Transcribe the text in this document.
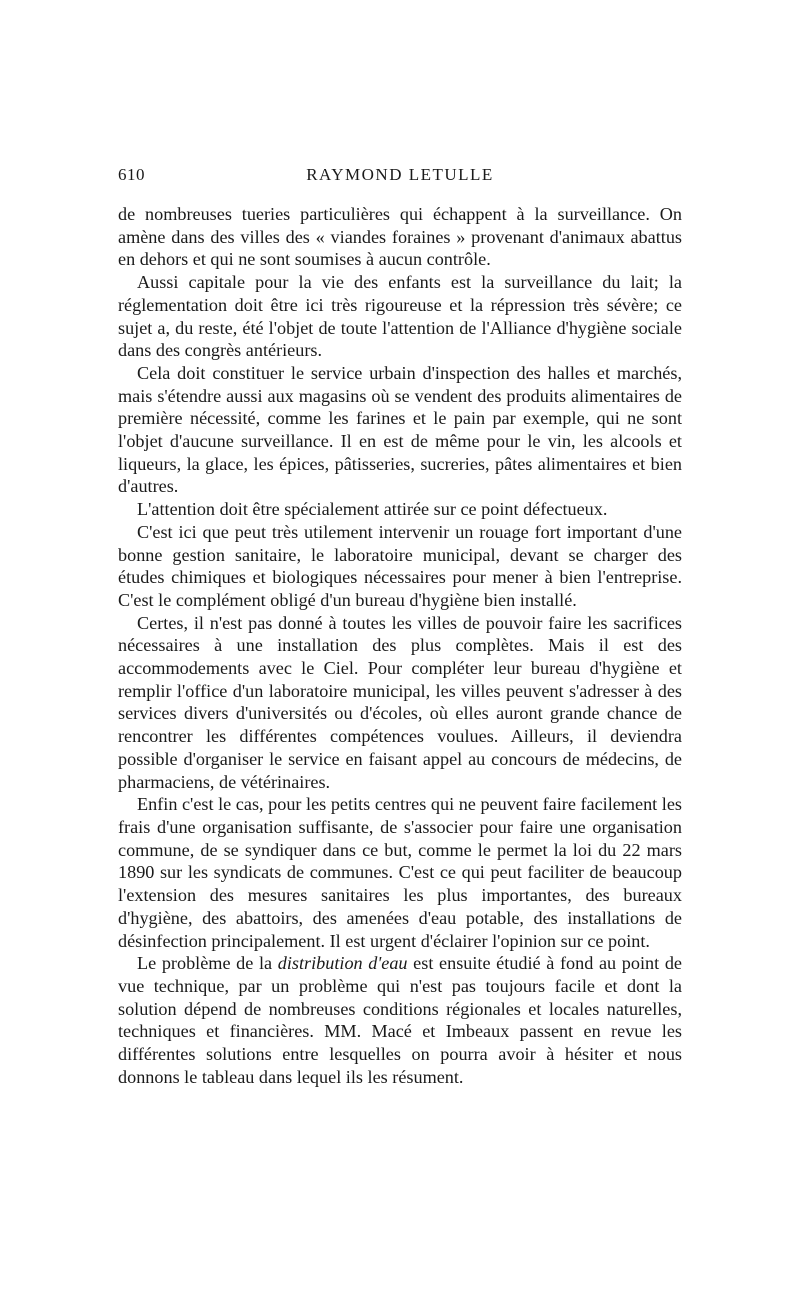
610	RAYMOND LETULLE

de nombreuses tueries particulières qui échappent à la surveillance. On amène dans des villes des « viandes foraines » provenant d'animaux abattus en dehors et qui ne sont soumises à aucun contrôle.

Aussi capitale pour la vie des enfants est la surveillance du lait; la réglementation doit être ici très rigoureuse et la répression très sévère; ce sujet a, du reste, été l'objet de toute l'attention de l'Alliance d'hygiène sociale dans des congrès antérieurs.

Cela doit constituer le service urbain d'inspection des halles et marchés, mais s'étendre aussi aux magasins où se vendent des produits alimentaires de première nécessité, comme les farines et le pain par exemple, qui ne sont l'objet d'aucune surveillance. Il en est de même pour le vin, les alcools et liqueurs, la glace, les épices, pâtisseries, sucreries, pâtes alimentaires et bien d'autres.

L'attention doit être spécialement attirée sur ce point défectueux.

C'est ici que peut très utilement intervenir un rouage fort important d'une bonne gestion sanitaire, le laboratoire municipal, devant se charger des études chimiques et biologiques nécessaires pour mener à bien l'entreprise. C'est le complément obligé d'un bureau d'hygiène bien installé.

Certes, il n'est pas donné à toutes les villes de pouvoir faire les sacrifices nécessaires à une installation des plus complètes. Mais il est des accommodements avec le Ciel. Pour compléter leur bureau d'hygiène et remplir l'office d'un laboratoire municipal, les villes peuvent s'adresser à des services divers d'universités ou d'écoles, où elles auront grande chance de rencontrer les différentes compétences voulues. Ailleurs, il deviendra possible d'organiser le service en faisant appel au concours de médecins, de pharmaciens, de vétérinaires.

Enfin c'est le cas, pour les petits centres qui ne peuvent faire facilement les frais d'une organisation suffisante, de s'associer pour faire une organisation commune, de se syndiquer dans ce but, comme le permet la loi du 22 mars 1890 sur les syndicats de communes. C'est ce qui peut faciliter de beaucoup l'extension des mesures sanitaires les plus importantes, des bureaux d'hygiène, des abattoirs, des amenées d'eau potable, des installations de désinfection principalement. Il est urgent d'éclairer l'opinion sur ce point.

Le problème de la distribution d'eau est ensuite étudié à fond au point de vue technique, par un problème qui n'est pas toujours facile et dont la solution dépend de nombreuses conditions régionales et locales naturelles, techniques et financières. MM. Macé et Imbeaux passent en revue les différentes solutions entre lesquelles on pourra avoir à hésiter et nous donnons le tableau dans lequel ils les résument.
